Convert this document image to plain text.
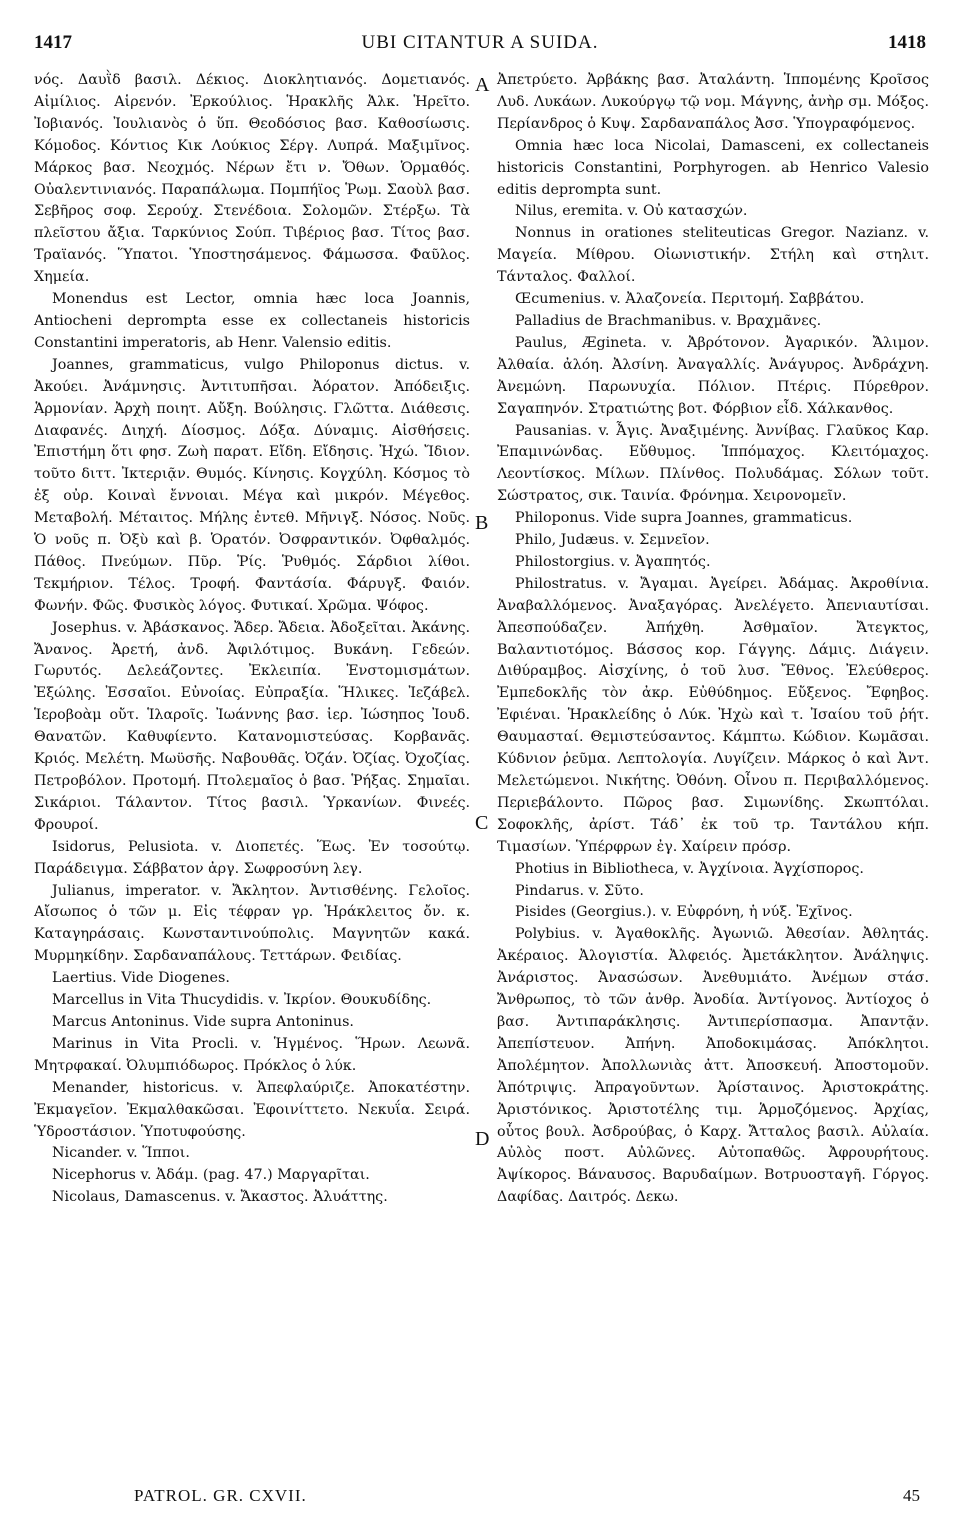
1417	UBI CITANTUR A SUIDA.	1418

νός. Δαυῒδ βασιλ. Δέκιος. Διοκλητιανός. Δομετιανός. Αἰμίλιος. Αἱρενόν. Ἐρκούλιος. Ἡρακλῆς Ἀλκ. Ἡρεῖτο. Ἰοβιανός. Ἰουλιανὸς ὁ ὕπ. Θεοδόσιος βασ. Καθοσίωσις. Κόμοδος. Κόντιος Κικ Λούκιος Σέργ. Λυπρά. Μαξιμῖνος. Μάρκος βασ. Νεοχμός. Νέρων ἔτι ν. Ὄθων. Ὁρμαθός. Οὐαλεντινιανός. Παραπάλωμα. Πομπήϊος Ῥωμ. Σαοὺλ βασ. Σεβῆρος σοφ. Σερούχ. Στενέδοια. Σολομῶν. Στέρξω. Τὰ πλεῖστου ἄξια. Ταρκύνιος Σούπ. Τιβέριος βασ. Τίτος βασ. Τραϊανός. Ὕπατοι. Ὑποστησάμενος. Φάμωσσα. Φαῦλος. Χημεία.

Monendus est Lector, omnia hæc loca Joannis, Antiocheni deprompta esse ex collectaneis historicis Constantini imperatoris, ab Henr. Valensio editis.

Joannes, grammaticus, vulgo Philoponus dictus. v. Ἀκούει. Ἀνάμνησις. Ἀντιτυπῆσαι. Ἀόρατον. Ἀπόδειξις. Ἁρμονίαν. Ἀρχὴ ποιητ. Αὔξη. Βούλησις. Γλῶττα. Διάθεσις. Διαφανές. Διηχή. Δίοσμος. Δόξα. Δύναμις. Αἰσθήσεις. Ἐπιστήμη ὅτι φησ. Ζωὴ παρατ. Εἴδη. Εἴδησις. Ἠχώ. Ἴδιον. τοῦτο διττ. Ἰκτεριᾷν. Θυμός. Κίνησις. Κογχύλη. Κόσμος τὸ ἐξ οὐρ. Κοιναὶ ἔννοιαι. Μέγα καὶ μικρόν. Μέγεθος. Μεταβολή. Μέταιτος. Μήλης ἐντεθ. Μῆνιγξ. Νόσος. Νοῦς. Ὁ νοῦς π. Ὀξὺ καὶ β. Ὁρατόν. Ὀσφραντικόν. Ὀφθαλμός. Πάθος. Πνεύμων. Πῦρ. Ῥίς. Ῥυθμός. Σάρδιοι λίθοι. Τεκμήριον. Τέλος. Τροφή. Φαντάσία. Φάρυγξ. Φαιόν. Φωνήν. Φῶς. Φυσικὸς λόγος. Φυτικαί. Χρῶμα. Ψόφος.

Josephus. v. Ἀβάσκανος. Ἄδερ. Ἄδεια. Ἀδοξεῖται. Ἀκάνης. Ἄνανος. Ἀρετή, ἀνδ. Ἀφιλότιμος. Βυκάνη. Γεδεών. Γωρυτός. Δελεάζοντες. Ἐκλειπία. Ἐνστομισμάτων. Ἐξώλης. Ἐσσαῖοι. Εὐνοίας. Εὐπραξία. Ἥλικες. Ἰεζάβελ. Ἱεροβοὰμ οὔτ. Ἱλαροῖς. Ἰωάννης βασ. ἱερ. Ἰώσηπος Ἰουδ. Θανατῶν. Καθυφίεντο. Κατανομιστεύσας. Κορβανᾶς. Κριός. Μελέτη. Μωϋσῆς. Ναβουθᾶς. Ὀζάν. Ὀζίας. Ὀχοζίας. Πετροβόλον. Προτομή. Πτολεμαῖος ὁ βασ. Ῥήξας. Σημαῖαι. Σικάριοι. Τάλαντον. Τίτος βασιλ. Ὑρκανίων. Φινεές. Φρουροί.

Isidorus, Pelusiota. v. Διοπετές. Ἕως. Ἐν τοσούτῳ. Παράδειγμα. Σάββατον ἀργ. Σωφροσύνη λεγ.

Julianus, imperator. v. Ἄκλητον. Ἀντισθένης. Γελοῖος. Αἴσωπος ὁ τῶν μ. Εἰς τέφραν γρ. Ἡράκλειτος ὄν. κ. Καταγηράσαις. Κωνσταντινούπολις. Μαγνητῶν κακά. Μυρμηκίδην. Σαρδαναπάλους. Τεττάρων. Φειδίας.

Laertius. Vide Diogenes.

Marcellus in Vita Thucydidis. v. Ἰκρίον. Θουκυδίδης.

Marcus Antoninus. Vide supra Antoninus.

Marinus in Vita Procli. v. Ἡγμένος. Ἥρων. Λεωνᾶ. Μητρφακαί. Ὀλυμπιόδωρος. Πρόκλος ὁ λύκ.

Menander, historicus. v. Ἀπεφλαύριζε. Ἀποκατέστην. Ἐκμαγεῖον. Ἐκμαλθακῶσαι. Ἐφοινίττετο. Νεκυΐα. Σειρά. Ὑδροστάσιον. Ὑποτυφούσης.

Nicander. v. Ἵπποι.

Nicephorus v. Ἀδάμ. (pag. 47.) Μαργαρῖται.

Nicolaus, Damascenus. v. Ἄκαστος. Ἀλυάττης.

Ἀπετρύετο. Ἀρβάκης βασ. Ἀταλάντη. Ἱππομένης Κροῖσος Λυδ. Λυκάων. Λυκούργῳ τῷ νομ. Μάγνης, ἀνὴρ σμ. Μόξος. Περίανδρος ὁ Κυψ. Σαρδαναπάλος Ἀσσ. Ὑπογραφόμενος.

Omnia hæc loca Nicolai, Damasceni, ex collectaneis historicis Constantini, Porphyrogen. ab Henrico Valesio editis deprompta sunt.

Nilus, eremita. v. Οὐ κατασχών.

Nonnus in orationes steliteuticas Gregor. Nazianz. v. Μαγεία. Μίθρου. Οἰωνιστικήν. Στήλη καὶ στηλιτ. Τάνταλος. Φαλλοί.

Œcumenius. v. Ἀλαζονεία. Περιτομή. Σαββάτου.

Palladius de Brachmanibus. v. Βραχμᾶνες.

Paulus, Ægineta. v. Ἀβρότονον. Ἀγαρικόν. Ἄλιμον. Ἀλθαία. ἀλόη. Ἀλσίνη. Ἀναγαλλίς. Ἀνάγυρος. Ἀνδράχνη. Ἀνεμώνη. Παρωνυχία. Πόλιον. Πτέρις. Πύρεθρον. Σαγαπηνόν. Στρατιώτης βοτ. Φόρβιον εἶδ. Χάλκανθος.

Pausanias. v. Ἆγις. Ἀναξιμένης. Ἀννίβας. Γλαῦκος Καρ. Ἐπαμινώνδας. Εὔθυμος. Ἱππόμαχος. Κλειτόμαχος. Λεοντίσκος. Μίλων. Πλίνθος. Πολυδάμας. Σόλων τοῦτ. Σώστρατος, σικ. Ταινία. Φρόνημα. Χειρονομεῖν.

Philoponus. Vide supra Joannes, grammaticus.

Philo, Judæus. v. Σεμνεῖον.

Philostorgius. v. Ἀγαπητός.

Philostratus. v. Ἄγαμαι. Ἀγείρει. Ἀδάμας. Ἀκροθίνια. Ἀναβαλλόμενος. Ἀναξαγόρας. Ἀνελέγετο. Ἀπενιαυτίσαι. Ἀπεσπούδαζεν. Ἀπήχθη. Ἀσθμαῖον. Ἄτεγκτος, Βαλαντιοτόμος. Βάσσος κορ. Γάγγης. Δάμις. Διάγειν. Διθύραμβος. Αἰσχίνης, ὁ τοῦ λυσ. Ἔθνος. Ἐλεύθερος. Ἐμπεδοκλῆς τὸν ἀκρ. Εὐθύδημος. Εὔξενος. Ἔφηβος. Ἐφιέναι. Ἡρακλείδης ὁ Λύκ. Ἠχὼ καὶ τ. Ἰσαίου τοῦ ῥήτ. Θαυμασταί. Θεμιστεύσαντος. Κάμπτω. Κώδιον. Κωμᾶσαι. Κύδνιον ῥεῦμα. Λεπτολογία. Λυγίζειν. Μάρκος ὁ καὶ Ἀντ. Μελετώμενοι. Νικήτης. Ὀθόνη. Οἶνου π. Περιβαλλόμενος. Περιεβάλοντο. Πῶρος βασ. Σιμωνίδης. Σκωπτόλαι. Σοφοκλῆς, ἀρίστ. Τάδ᾽ ἐκ τοῦ τρ. Ταντάλου κήπ. Τιμασίων. Ὑπέρφρων ἐγ. Χαίρειν πρόσρ.

Photius in Bibliotheca, v. Ἀγχίνοια. Ἀγχίσπορος.

Pindarus. v. Σῦτο.

Pisides (Georgius.). v. Εὐφρόνη, ἡ νύξ. Ἐχῖνος.

Polybius. v. Ἀγαθοκλῆς. Ἀγωνιῶ. Ἀθεσίαν. Ἀθλητάς. Ἀκέραιος. Ἀλογιστία. Ἀλφειός. Ἀμετάκλητον. Ἀνάληψις. Ἀνάριστος. Ἀνασώσων. Ἀνεθυμιάτο. Ἀνέμων στάσ. Ἄνθρωπος, τὸ τῶν ἀνθρ. Ἀνοδία. Ἀντίγονος. Ἀντίοχος ὁ βασ. Ἀντιπαράκλησις. Ἀντιπερίσπασμα. Ἀπαντᾷν. Ἀπεπίστευον. Ἀπήνη. Ἀποδοκιμάσας. Ἀπόκλητοι. Ἀπολέμητον. Ἀπολλωνιὰς ἀττ. Ἀποσκευή. Ἀποστομοῦν. Ἀπότριψις. Ἀπραγοῦντων. Ἀρίσταινος. Ἀριστοκράτης. Ἀριστόνικος. Ἀριστοτέλης τιμ. Ἁρμοζόμενος. Ἀρχίας, οὗτος βουλ. Ἀσδρούβας, ὁ Καρχ. Ἄτταλος βασιλ. Αὐλαία. Αὐλὸς ποστ. Αὐλῶνες. Αὐτοπαθῶς. Ἀφρουρήτους. Ἀψίκορος. Βάναυσος. Βαρυδαίμων. Βοτρυοσταγῆ. Γόργος. Δαφίδας. Δαιτρός. Δεκω.

A
B
C
D
PATROL. GR. CXVII.	45
